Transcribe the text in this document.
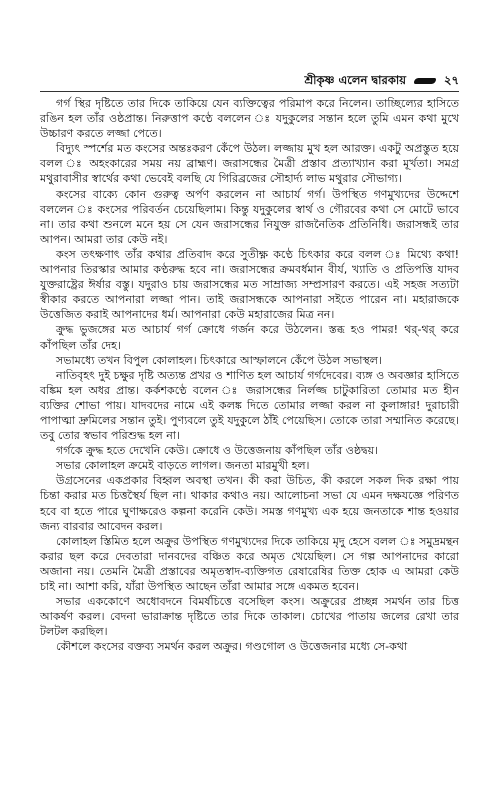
শ্রীকৃষ্ণ এলেন দ্বারকায়	২৭

গর্গ স্থির দৃষ্টিতে তার দিকে তাকিয়ে যেন ব্যক্তিত্বের পরিমাপ করে নিলেন। তাচ্ছিল্যের হাসিতে রঙিন হল তাঁর ওষ্ঠপ্রান্ত। নিরুত্তাপ কণ্ঠে বললেন ঃ যদুকুলের সন্তান হলে তুমি এমন কথা মুখে উচ্চারণ করতে লজ্জা পেতে।

বিদ্যুৎ স্পর্শের মত কংসের অন্তঃকরণ কেঁপে উঠল। লজ্জায় মুখ হল আরক্ত। একটু অপ্রস্তুত হয়ে বলল ঃ অহংকারের সময় নয় ব্রাহ্মণ। জরাসন্ধের মৈত্রী প্রস্তাব প্রত্যাখ্যান করা মূর্খতা। সমগ্র মথুরাবাসীর স্বার্থের কথা ভেবেই বলছি যে গিরিব্রজের সৌহার্দ্য লাভ মথুরার সৌভাগ্য।

কংসের বাক্যে কোন গুরুত্ব অর্পণ করলেন না আচার্য গর্গ। উপস্থিত গণমুখ্যদের উদ্দেশে বললেন ঃ কংসের পরিবর্তন চেয়েছিলাম। কিন্তু যদুকুলের স্বার্থ ও গৌরবের কথা সে মোটে ভাবে না। তার কথা শুনলে মনে হয় সে যেন জরাসন্ধের নিযুক্ত রাজনৈতিক প্রতিনিধি। জরাসন্ধই তার আপন। আমরা তার কেউ নই।

কংস তৎক্ষণাৎ তাঁর কথার প্রতিবাদ করে সুতীক্ষ্ণ কণ্ঠে চিৎকার করে বলল ঃ মিথ্যে কথা! আপনার তিরস্কার আমার কণ্ঠরুদ্ধ হবে না। জরাসন্ধের ক্রমবর্ধমান বীর্য, খ্যাতি ও প্রতিপত্তি যাদব যুক্তরাষ্ট্রের ঈর্ষার বস্তু। যদুরাও চায় জরাসন্ধের মত সাম্রাজ্য সম্প্রসারণ করতে। এই সহজ সত্যটা স্বীকার করতে আপনারা লজ্জা পান। তাই জরাসন্ধকে আপনারা সইতে পারেন না। মহারাজকে উত্তেজিত করাই আপনাদের ধর্ম। আপনারা কেউ মহারাজের মিত্র নন।

ক্রুদ্ধ ভুজঙ্গের মত আচার্য গর্গ ক্রোধে গর্জন করে উঠলেন। স্তব্ধ হও পামর! থর্-থর্ করে কাঁপছিল তাঁর দেহ।

সভামধ্যে তখন বিপুল কোলাহল। চিৎকারে আস্ফালনে কেঁপে উঠল সভাস্থল।

নাতিবৃহৎ দুই চক্ষুর দৃষ্টি অত্যন্ত প্রখর ও শাণিত হল আচার্য গর্গদেবের। ব্যঙ্গ ও অবজ্ঞার হাসিতে বঙ্কিম হল অধর প্রান্ত। কর্কশকণ্ঠে বলেন ঃ জরাসন্ধের নির্লজ্জ চাটুকারিতা তোমার মত হীন ব্যক্তির শোভা পায়। যাদবদের নামে এই কলঙ্ক দিতে তোমার লজ্জা করল না কুলাঙ্গার! দুরাচারী পাপাত্মা দ্রুমিলের সন্তান তুই। পুণ্যবলে তুই যদুকুলে ঠাঁই পেয়েছিস। তোকে তারা সম্মানিত করেছে। তবু তোর স্বভাব পরিশুদ্ধ হল না।

গর্গকে ক্রুদ্ধ হতে দেখেনি কেউ। ক্রোধে ও উত্তেজনায় কাঁপছিল তাঁর ওষ্ঠদ্বয়।

সভার কোলাহল ক্রমেই বাড়তে লাগল। জনতা মারমুখী হল।

উগ্রসেনের একপ্রকার বিহ্বল অবস্থা তখন। কী করা উচিত, কী করলে সকল দিক রক্ষা পায় চিন্তা করার মত চিত্তস্থৈর্য ছিল না। থাকার কথাও নয়। আলোচনা সভা যে এমন দক্ষযজ্ঞে পরিণত হবে বা হতে পারে ঘুণাক্ষরেও কল্পনা করেনি কেউ। সমস্ত গণমুখ্য এক হয়ে জনতাকে শান্ত হওয়ার জন্য বারবার আবেদন করল।

কোলাহল স্তিমিত হলে অক্রুর উপস্থিত গণমুখ্যদের দিকে তাকিয়ে মৃদু হেসে বলল ঃ সমুদ্রমন্থন করার ছল করে দেবতারা দানবদের বঞ্চিত করে অমৃত খেয়েছিল। সে গল্প আপনাদের কারো অজানা নয়। তেমনি মৈত্রী প্রস্তাবের অমৃতস্বাদ-ব্যক্তিগত রেষারেষির তিক্ত হোক এ আমরা কেউ চাই না। আশা করি, যাঁরা উপস্থিত আছেন তাঁরা আমার সঙ্গে একমত হবেন।

সভার এককোণে অধোবদনে বিমর্ষচিত্তে বসেছিল কংস। অক্রুরের প্রচ্ছন্ন সমর্থন তার চিত্ত আকর্ষণ করল। বেদনা ভারাক্রান্ত দৃষ্টিতে তার দিকে তাকাল। চোখের পাতায় জলের রেখা তার টলটল করছিল।

কৌশলে কংসের বক্তব্য সমর্থন করল অক্রুর। গণ্ডগোল ও উত্তেজনার মধ্যে সে-কথা
